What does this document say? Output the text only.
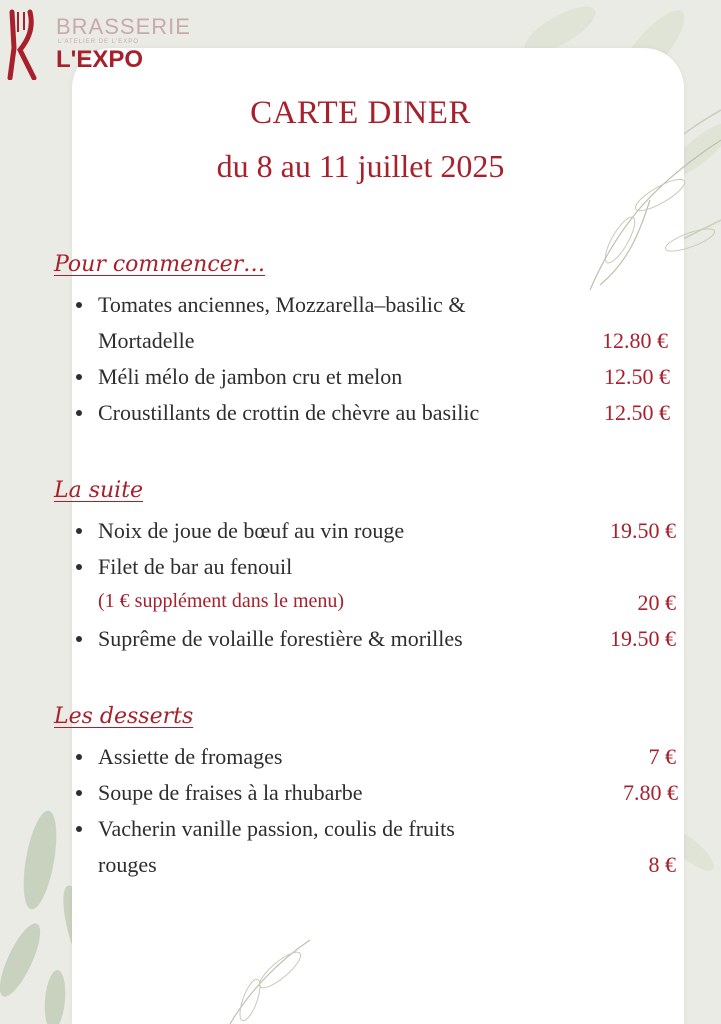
BRASSERIE
L'ATELIER DE L'EXPO
L'EXPO
CARTE DINER
du 8 au 11 juillet 2025
Pour commencer…
Tomates anciennes, Mozzarella–basilic &
Mortadelle	12.80 €
Méli mélo de jambon cru et melon	12.50 €
Croustillants de crottin de chèvre au basilic	12.50 €
La suite
Noix de joue de bœuf au vin rouge	19.50 €
Filet de bar au fenouil
(1 € supplément dans le menu)	20 €
Suprême de volaille forestière & morilles	19.50 €
Les desserts
Assiette de fromages	7 €
Soupe de fraises à la rhubarbe	7.80 €
Vacherin vanille passion, coulis de fruits
rouges	8 €
